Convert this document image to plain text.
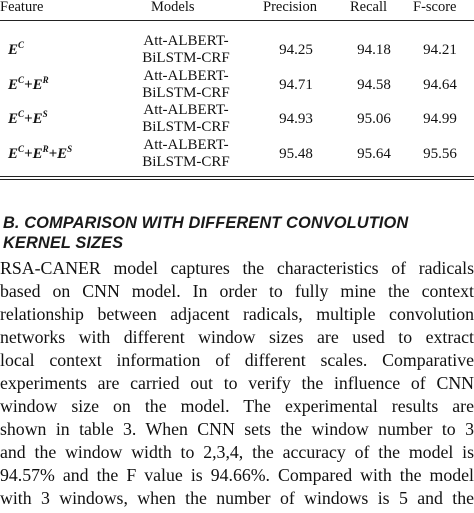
Feature	Models	Precision Recall F-score
$E^C$	Att-ALBERT-
BiLSTM-CRF	94.25	94.18	94.21
$E^C+E^R$	Att-ALBERT-
BiLSTM-CRF	94.71	94.58	94.64
$E^C+E^S$	Att-ALBERT-
BiLSTM-CRF	94.93	95.06	94.99
$E^C+E^R+E^S$	Att-ALBERT-
BiLSTM-CRF	95.48	95.64	95.56
B. COMPARISON WITH DIFFERENT CONVOLUTION
KERNEL SIZES
RSA-CANER model captures the characteristics of radicals
based on CNN model. In order to fully mine the context
relationship between adjacent radicals, multiple convolution
networks with different window sizes are used to extract
local context information of different scales. Comparative
experiments are carried out to verify the influence of CNN
window size on the model. The experimental results are
shown in table 3. When CNN sets the window number to 3
and the window width to 2,3,4, the accuracy of the model is
94.57% and the F value is 94.66%. Compared with the model
with 3 windows, when the number of windows is 5 and the
